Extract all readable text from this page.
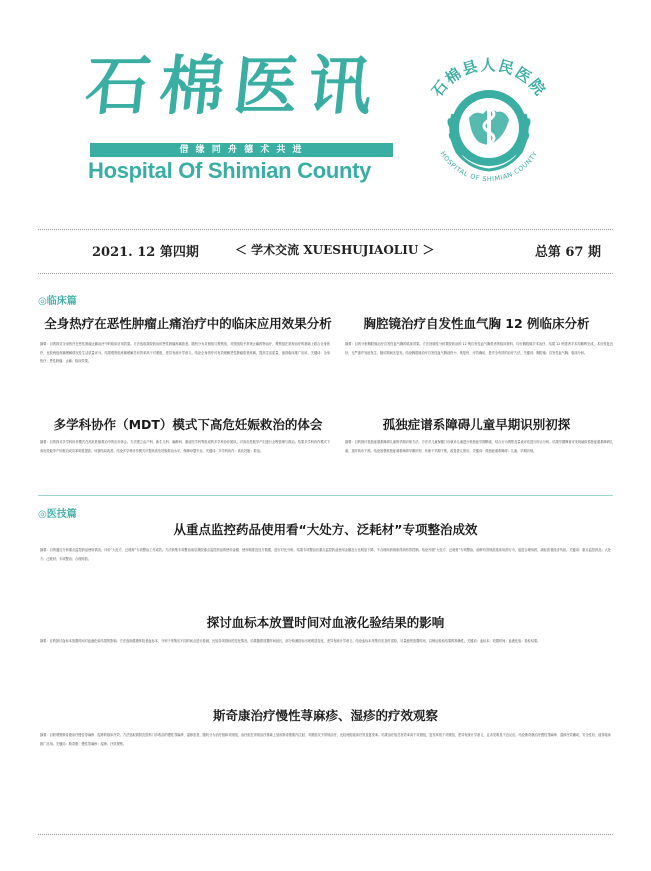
石棉医讯
借 缘 同 舟 德 术 共 进
Hospital Of Shimian County
石棉县人民医院
HOSPITAL OF SHIMIAN COUNTY
2021. 12 第四期	＜ 学术交流 XUESHUJIAOLIU ＞	总第 67 期
◎临床篇
全身热疗在恶性肿瘤止痛治疗中的临床应用效果分析
摘要：目的探讨全身热疗在恶性肿瘤止痛治疗中的临床应用效果。方法选取我院收治的恶性肿瘤疼痛患者，随机分为对照组与观察组，对照组给予常规止痛药物治疗，观察组在常规治疗的基础上联合全身热疗，比较两组疼痛缓解情况及生活质量评分。结果观察组疼痛缓解总有效率高于对照组，差异有统计学意义。结论全身热疗可有效缓解恶性肿瘤患者疼痛，提高生活质量，值得临床推广应用。关键词：全身热疗；恶性肿瘤；止痛；临床效果。
胸腔镜治疗自发性血气胸 12 例临床分析
摘要：目的分析胸腔镜治疗自发性血气胸的临床效果。方法回顾性分析我院收治的 12 例自发性血气胸患者的临床资料，均行胸腔镜手术治疗。结果 12 例患者手术均顺利完成，术后恢复良好，无严重并发症发生，随访期间无复发。结论胸腔镜治疗自发性血气胸创伤小、恢复快、疗效确切，是安全有效的治疗方法。关键词：胸腔镜；自发性血气胸；临床分析。
多学科协作（MDT）模式下高危妊娠救治的体会
摘要：目的探讨多学科协作模式在高危妊娠救治中的应用体会。方法建立由产科、新生儿科、麻醉科、重症医学科等组成的多学科协作团队，对高危妊娠孕产妇进行全程管理与救治。结果多学科协作模式下高危妊娠孕产妇救治成功率明显提高，母婴结局改善。结论多学科协作模式可提高高危妊娠救治水平，保障母婴安全。关键词：多学科协作；高危妊娠；救治。
孤独症谱系障碍儿童早期识别初探
摘要：目的探讨孤独症谱系障碍儿童的早期识别方法。方法对儿童保健门诊就诊儿童进行孤独症早期筛查，结合行为观察及量表评估进行综合分析。结果早期筛查可发现疑似孤独症谱系障碍儿童，及时转诊干预。结论加强孤独症谱系障碍早期识别，有助于早期干预，改善患儿预后。关键词：孤独症谱系障碍；儿童；早期识别。
◎医技篇
从重点监控药品使用看“大处方、泛耗材”专项整治成效
摘要：目的通过分析重点监控药品使用情况，评价“大处方、泛耗材”专项整治工作成效。方法收集专项整治前后我院重点监控药品的使用金额、使用频度及处方数据，进行对比分析。结果专项整治后重点监控药品使用金额及占比明显下降，不合理用药现象得到有效控制。结论开展“大处方、泛耗材”专项整治，能够有效规范临床用药行为，促进合理用药，减轻患者经济负担。关键词：重点监控药品；大处方；泛耗材；专项整治；合理用药。
探讨血标本放置时间对血液化验结果的影响
摘要：目的探讨血标本放置时间对血液化验结果的影响。方法选取健康体检者血标本，分别于采集后不同时间点进行检测，比较各项指标的变化情况。结果随着放置时间延长，部分检测指标出现明显变化，差异有统计学意义。结论血标本采集后应及时送检，尽量缩短放置时间，以保证检验结果的准确性。关键词：血标本；放置时间；血液化验；检验结果。
斯奇康治疗慢性荨麻疹、湿疹的疗效观察
摘要：目的观察斯奇康治疗慢性荨麻疹、湿疹的临床疗效。方法选取我院皮肤科门诊收治的慢性荨麻疹、湿疹患者，随机分为治疗组和对照组，治疗组在常规治疗基础上加用斯奇康肌内注射，对照组仅予常规治疗，比较两组临床疗效及复发率。结果治疗组总有效率高于对照组，复发率低于对照组，差异有统计学意义，且未见明显不良反应。结论斯奇康治疗慢性荨麻疹、湿疹疗效确切，安全性好，值得临床推广应用。关键词：斯奇康；慢性荨麻疹；湿疹；疗效观察。
